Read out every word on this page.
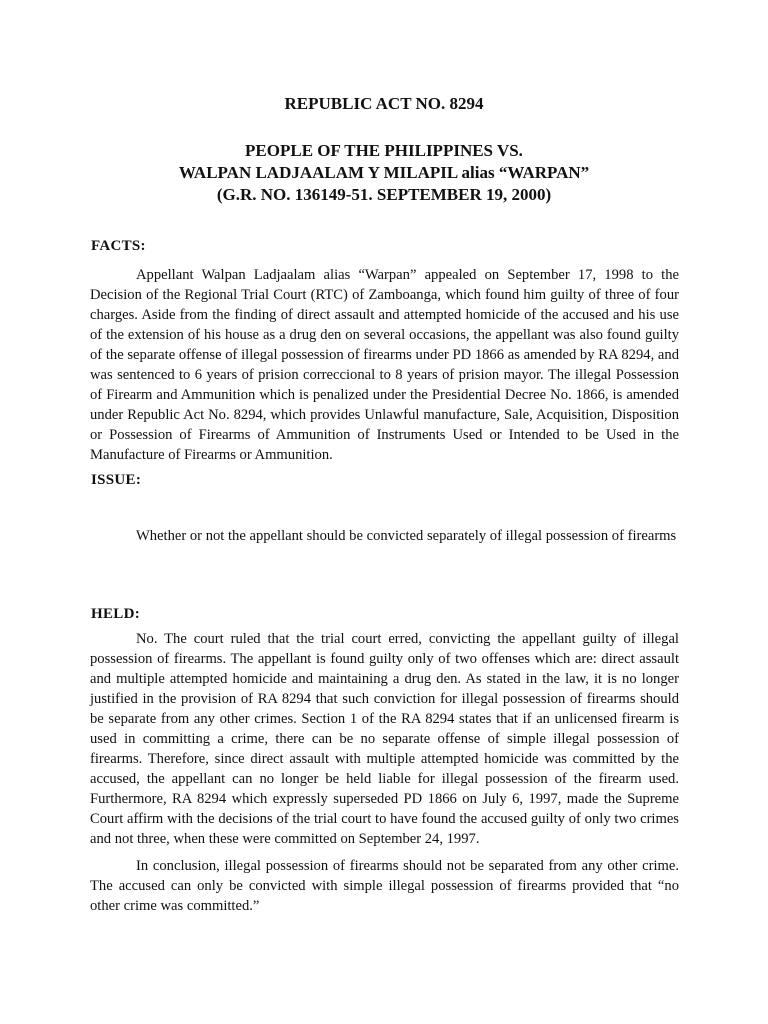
REPUBLIC ACT NO. 8294
PEOPLE OF THE PHILIPPINES VS.
WALPAN LADJAALAM Y MILAPIL alias “WARPAN”
(G.R. NO. 136149-51. SEPTEMBER 19, 2000)
FACTS:

Appellant Walpan Ladjaalam alias “Warpan” appealed on September 17, 1998 to the Decision of the Regional Trial Court (RTC) of Zamboanga, which found him guilty of three of four charges. Aside from the finding of direct assault and attempted homicide of the accused and his use of the extension of his house as a drug den on several occasions, the appellant was also found guilty of the separate offense of illegal possession of firearms under PD 1866 as amended by RA 8294, and was sentenced to 6 years of prision correccional to 8 years of prision mayor. The illegal Possession of Firearm and Ammunition which is penalized under the Presidential Decree No. 1866, is amended under Republic Act No. 8294, which provides Unlawful manufacture, Sale, Acquisition, Disposition or Possession of Firearms of Ammunition of Instruments Used or Intended to be Used in the Manufacture of Firearms or Ammunition.

ISSUE:

Whether or not the appellant should be convicted separately of illegal possession of firearms

HELD:

No. The court ruled that the trial court erred, convicting the appellant guilty of illegal possession of firearms. The appellant is found guilty only of two offenses which are: direct assault and multiple attempted homicide and maintaining a drug den. As stated in the law, it is no longer justified in the provision of RA 8294 that such conviction for illegal possession of firearms should be separate from any other crimes. Section 1 of the RA 8294 states that if an unlicensed firearm is used in committing a crime, there can be no separate offense of simple illegal possession of firearms. Therefore, since direct assault with multiple attempted homicide was committed by the accused, the appellant can no longer be held liable for illegal possession of the firearm used. Furthermore, RA 8294 which expressly superseded PD 1866 on July 6, 1997, made the Supreme Court affirm with the decisions of the trial court to have found the accused guilty of only two crimes and not three, when these were committed on September 24, 1997.

In conclusion, illegal possession of firearms should not be separated from any other crime. The accused can only be convicted with simple illegal possession of firearms provided that “no other crime was committed.”
